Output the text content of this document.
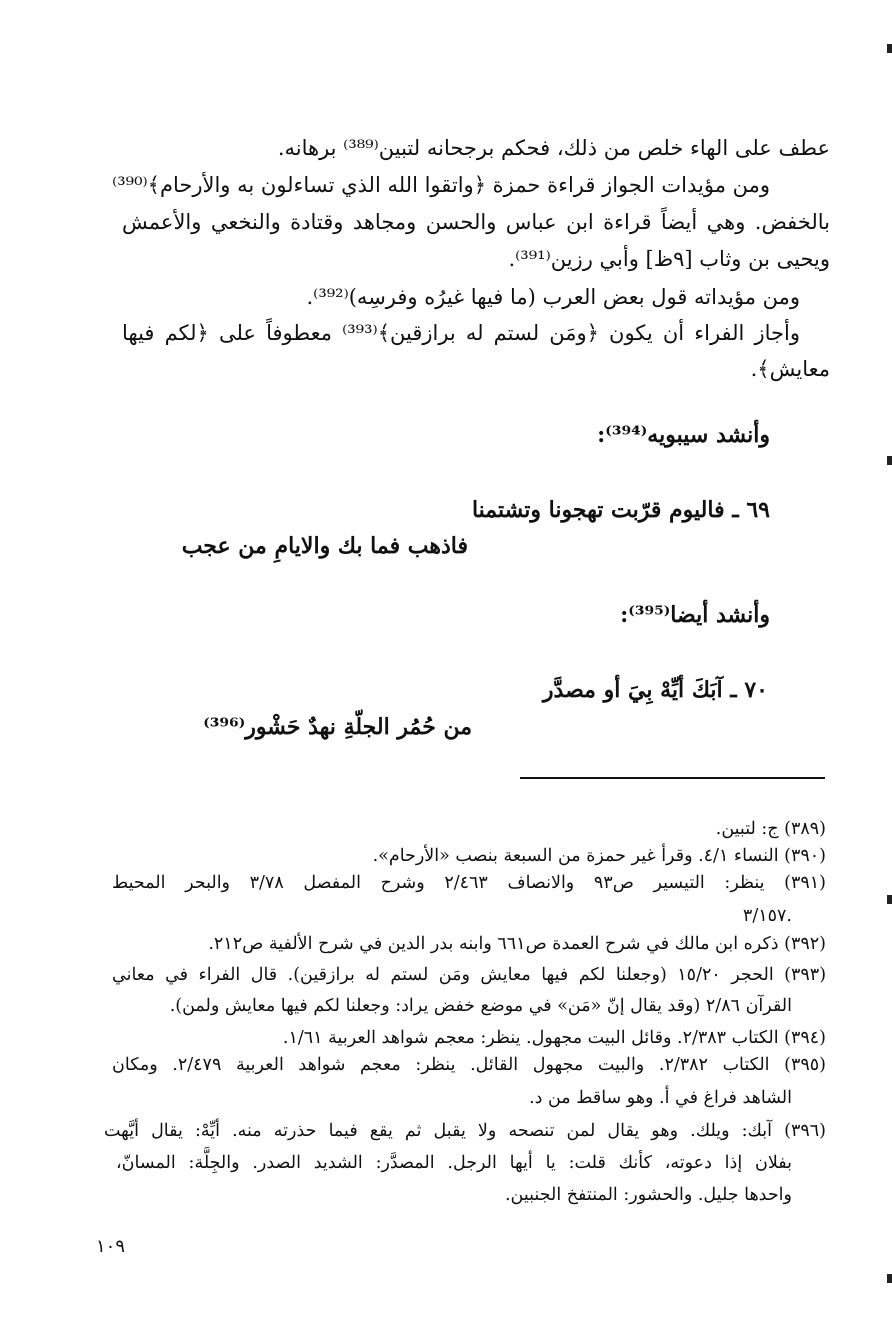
عطف على الهاء خلص من ذلك، فحكم برجحانه لتبين⁽³⁸⁹⁾ برهانه.
ومن مؤيدات الجواز قراءة حمزة ﴿واتقوا الله الذي تساءلون به والأرحام﴾⁽³⁹⁰⁾
بالخفض. وهي أيضاً قراءة ابن عباس والحسن ومجاهد وقتادة والنخعي والأعمش
ويحيى بن وثاب [٩ظ] وأبي رزين⁽³⁹¹⁾.
ومن مؤيداته قول بعض العرب (ما فيها غيرُه وفرسِه)⁽³⁹²⁾.
وأجاز الفراء أن يكون ﴿ومَن لستم له برازقين﴾⁽³⁹³⁾ معطوفاً على ﴿لكم فيها
معايش﴾.
وأنشد سيبويه⁽³⁹⁴⁾:
٦٩ ـ فاليوم قرّبت تهجونا وتشتمنا
فاذهب فما بك والايامِ من عجب
وأنشد أيضا⁽³⁹⁵⁾:
٧٠ ـ آبَكَ أيِّهْ بِيَ أو مصدَّر
من حُمُر الجلّةِ نهدٌ حَشْور⁽³⁹⁶⁾
(٣٨٩) ج: لتبين.
(٣٩٠) النساء ٤/١. وقرأ غير حمزة من السبعة بنصب «الأرحام».
(٣٩١) ينظر: التيسير ص٩٣ والانصاف ٢/٤٦٣ وشرح المفصل ٣/٧٨ والبحر المحيط
٣/١٥٧.
(٣٩٢) ذكره ابن مالك في شرح العمدة ص٦٦١ وابنه بدر الدين في شرح الألفية ص٢١٢.
(٣٩٣) الحجر ١٥/٢٠ (وجعلنا لكم فيها معايش ومَن لستم له برازقين). قال الفراء في معاني
القرآن ٢/٨٦ (وقد يقال إنّ «مَن» في موضع خفض يراد: وجعلنا لكم فيها معايش ولمن).
(٣٩٤) الكتاب ٢/٣٨٣. وقائل البيت مجهول. ينظر: معجم شواهد العربية ١/٦١.
(٣٩٥) الكتاب ٢/٣٨٢. والبيت مجهول القائل. ينظر: معجم شواهد العربية ٢/٤٧٩. ومكان
الشاهد فراغ في أ. وهو ساقط من د.
(٣٩٦) آبك: ويلك. وهو يقال لمن تنصحه ولا يقبل ثم يقع فيما حذرته منه. أيِّهْ: يقال أيَّهت
بفلان إذا دعوته، كأنك قلت: يا أيها الرجل. المصدَّر: الشديد الصدر. والجِلَّة: المسانّ،
واحدها جليل. والحشور: المنتفخ الجنبين.
١٠٩
